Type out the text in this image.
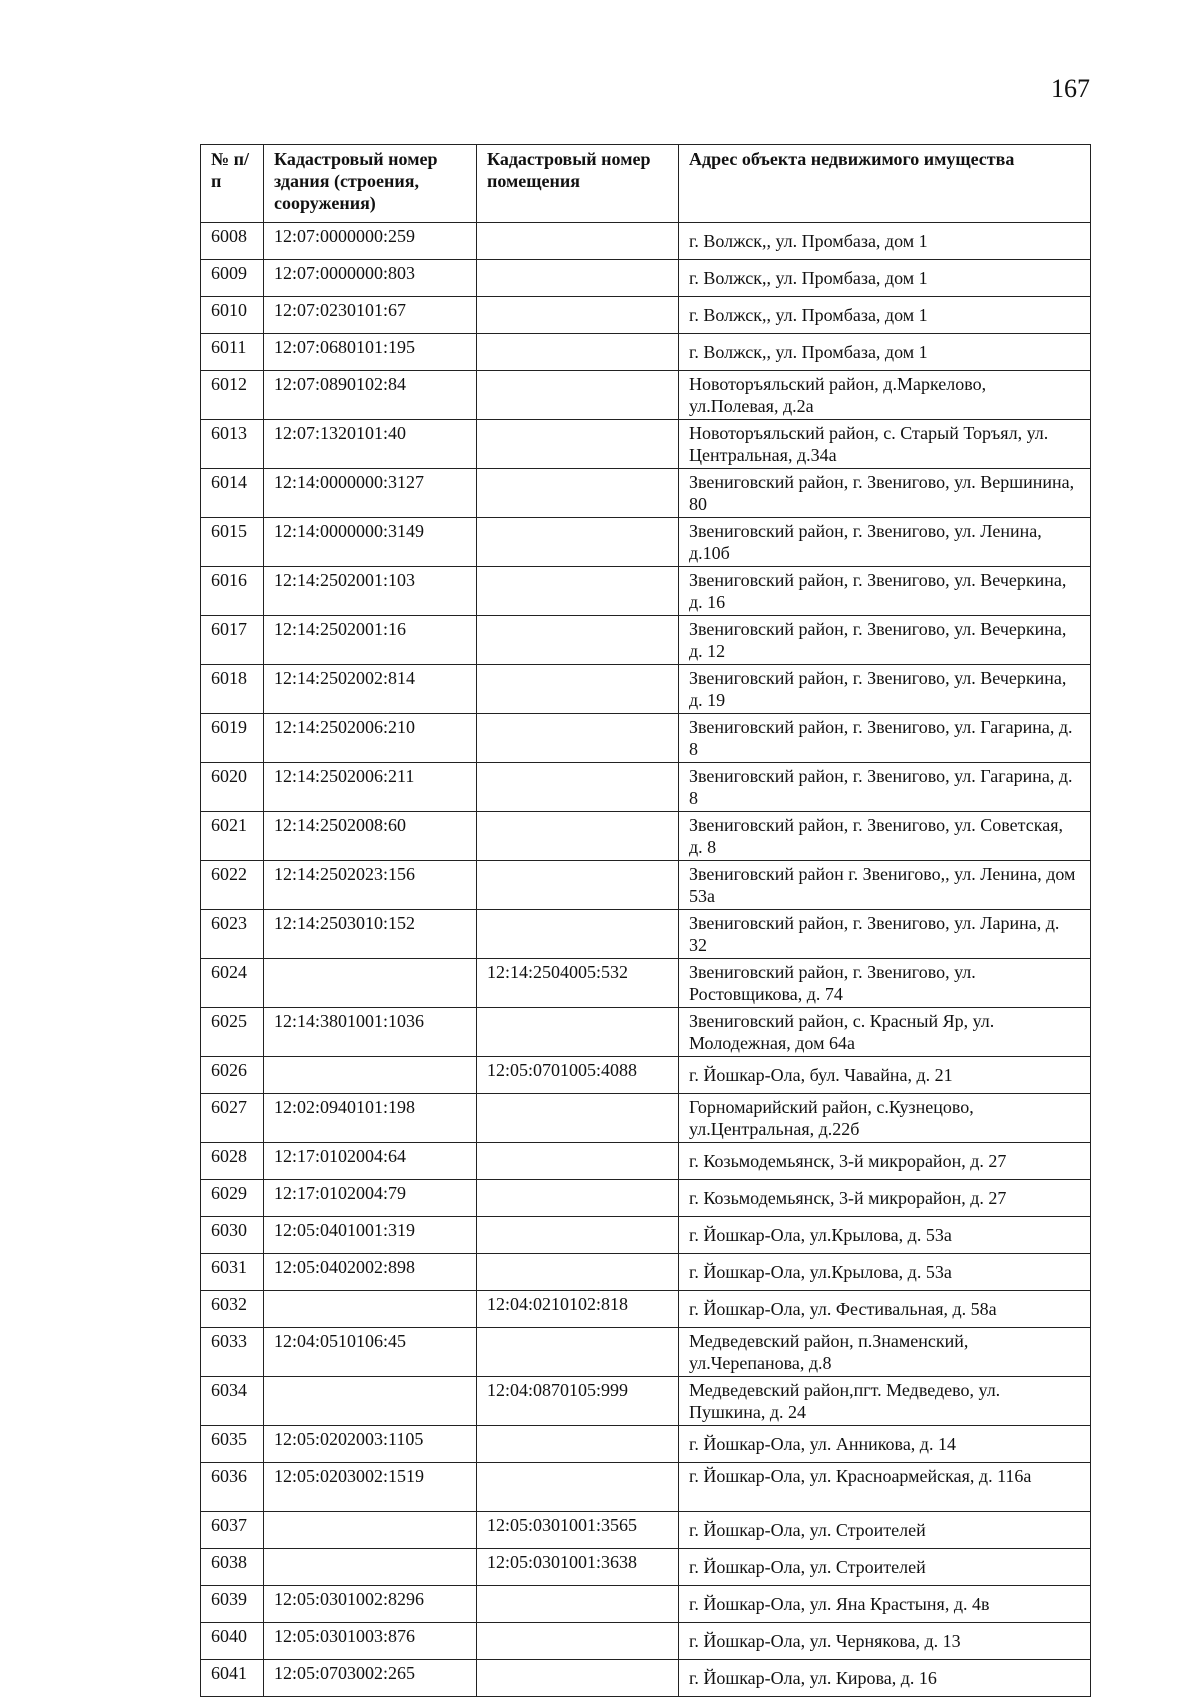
167
№ п/п	Кадастровый номер здания (строения, сооружения)	Кадастровый номер помещения	Адрес объекта недвижимого имущества
6008	12:07:0000000:259		г. Волжск,, ул. Промбаза, дом 1
6009	12:07:0000000:803		г. Волжск,, ул. Промбаза, дом 1
6010	12:07:0230101:67		г. Волжск,, ул. Промбаза, дом 1
6011	12:07:0680101:195		г. Волжск,, ул. Промбаза, дом 1
6012	12:07:0890102:84		Новоторъяльский район, д.Маркелово, ул.Полевая, д.2а
6013	12:07:1320101:40		Новоторъяльский район, с. Старый Торъял, ул. Центральная, д.34а
6014	12:14:0000000:3127		Звениговский район, г. Звенигово, ул. Вершинина, 80
6015	12:14:0000000:3149		Звениговский район, г. Звенигово, ул. Ленина, д.10б
6016	12:14:2502001:103		Звениговский район, г. Звенигово, ул. Вечеркина, д. 16
6017	12:14:2502001:16		Звениговский район, г. Звенигово, ул. Вечеркина, д. 12
6018	12:14:2502002:814		Звениговский район, г. Звенигово, ул. Вечеркина, д. 19
6019	12:14:2502006:210		Звениговский район, г. Звенигово, ул. Гагарина, д. 8
6020	12:14:2502006:211		Звениговский район, г. Звенигово, ул. Гагарина, д. 8
6021	12:14:2502008:60		Звениговский район, г. Звенигово, ул. Советская, д. 8
6022	12:14:2502023:156		Звениговский район г. Звенигово,, ул. Ленина, дом 53а
6023	12:14:2503010:152		Звениговский район, г. Звенигово, ул. Ларина, д. 32
6024		12:14:2504005:532	Звениговский район, г. Звенигово, ул. Ростовщикова, д. 74
6025	12:14:3801001:1036		Звениговский район, с. Красный Яр, ул. Молодежная, дом 64а
6026		12:05:0701005:4088	г. Йошкар-Ола, бул. Чавайна, д. 21
6027	12:02:0940101:198		Горномарийский район, с.Кузнецово, ул.Центральная, д.22б
6028	12:17:0102004:64		г. Козьмодемьянск, 3-й микрорайон, д. 27
6029	12:17:0102004:79		г. Козьмодемьянск, 3-й микрорайон, д. 27
6030	12:05:0401001:319		г. Йошкар-Ола, ул.Крылова, д. 53а
6031	12:05:0402002:898		г. Йошкар-Ола, ул.Крылова, д. 53а
6032		12:04:0210102:818	г. Йошкар-Ола, ул. Фестивальная, д. 58а
6033	12:04:0510106:45		Медведевский район, п.Знаменский, ул.Черепанова, д.8
6034		12:04:0870105:999	Медведевский район,пгт. Медведево, ул. Пушкина, д. 24
6035	12:05:0202003:1105		г. Йошкар-Ола, ул. Анникова, д. 14
6036	12:05:0203002:1519		г. Йошкар-Ола, ул. Красноармейская, д. 116а
6037		12:05:0301001:3565	г. Йошкар-Ола, ул. Строителей
6038		12:05:0301001:3638	г. Йошкар-Ола, ул. Строителей
6039	12:05:0301002:8296		г. Йошкар-Ола, ул. Яна Крастыня, д. 4в
6040	12:05:0301003:876		г. Йошкар-Ола, ул. Чернякова, д. 13
6041	12:05:0703002:265		г. Йошкар-Ола, ул. Кирова, д. 16
